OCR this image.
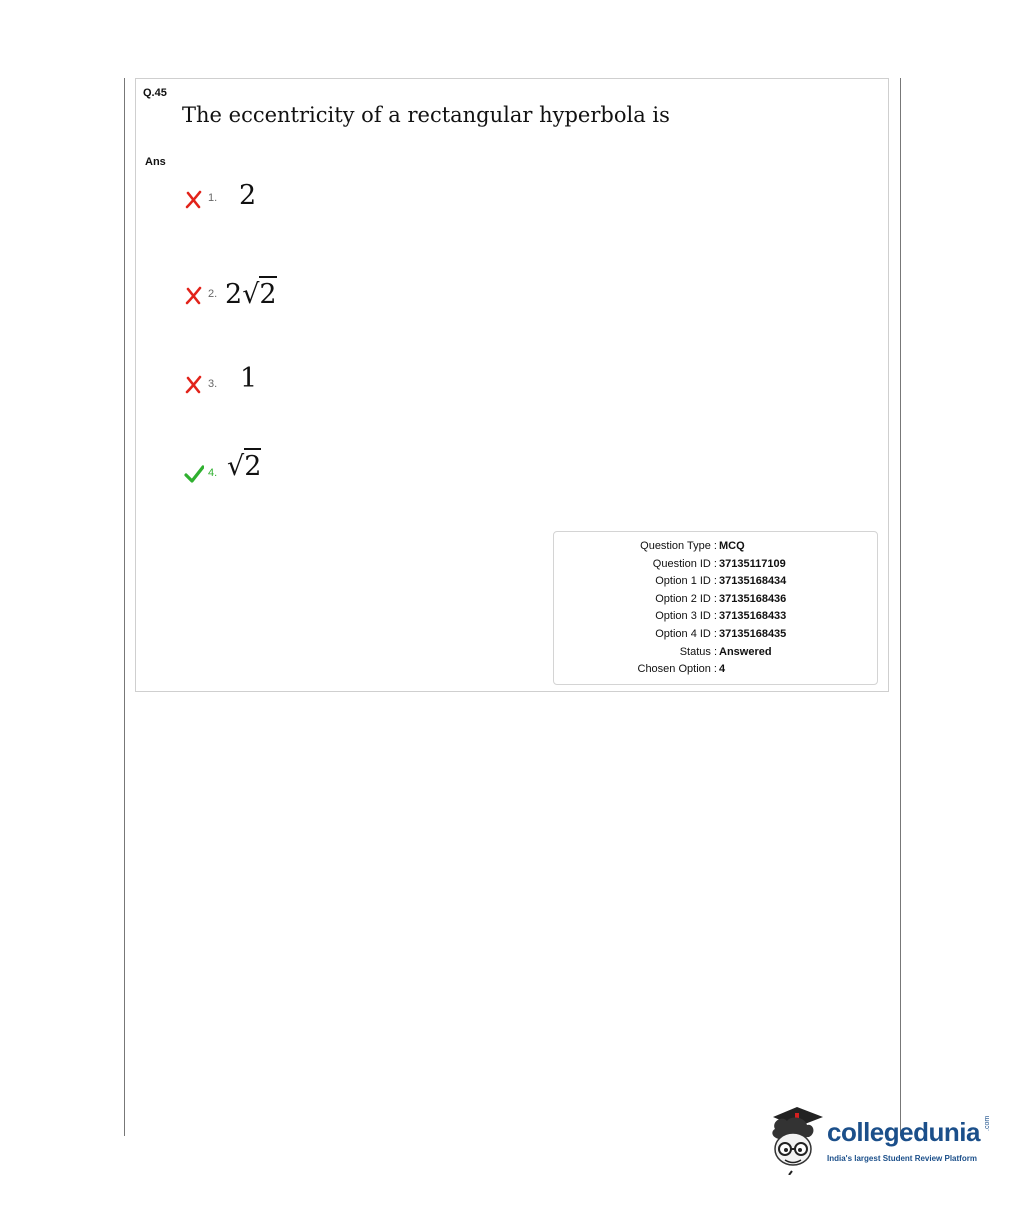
Q.45
The eccentricity of a rectangular hyperbola is
Ans
1. 2
2. 2√2
3. 1
4. √2
Question Type : MCQ
Question ID : 37135117109
Option 1 ID : 37135168434
Option 2 ID : 37135168436
Option 3 ID : 37135168433
Option 4 ID : 37135168435
Status : Answered
Chosen Option : 4
collegedunia .com
India's largest Student Review Platform
